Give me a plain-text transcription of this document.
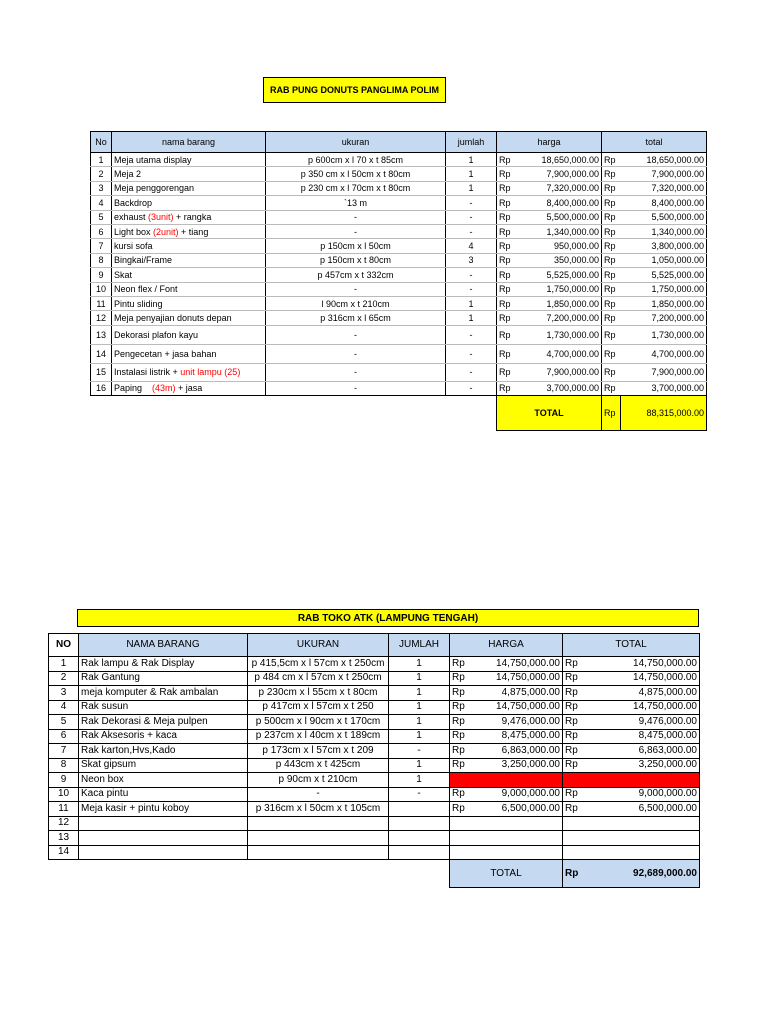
RAB PUNG DONUTS PANGLIMA POLIM
No	nama barang	ukuran	jumlah	harga		total	
1	Meja utama display	p 600cm x l 70 x t 85cm	1	Rp	18,650,000.00	Rp	18,650,000.00
2	Meja 2	p 350 cm x l 50cm x t 80cm	1	Rp	7,900,000.00	Rp	7,900,000.00
3	Meja penggorengan	p 230 cm x l 70cm x t 80cm	1	Rp	7,320,000.00	Rp	7,320,000.00
4	Backdrop	`13 m	-	Rp	8,400,000.00	Rp	8,400,000.00
5	exhaust (3unit) + rangka	-	-	Rp	5,500,000.00	Rp	5,500,000.00
6	Light box (2unit) + tiang	-	-	Rp	1,340,000.00	Rp	1,340,000.00
7	kursi sofa	p 150cm x l 50cm	4	Rp	950,000.00	Rp	3,800,000.00
8	Bingkai/Frame	p 150cm x t 80cm	3	Rp	350,000.00	Rp	1,050,000.00
9	Skat	p 457cm x t 332cm	-	Rp	5,525,000.00	Rp	5,525,000.00
10	Neon flex / Font	-	-	Rp	1,750,000.00	Rp	1,750,000.00
11	Pintu sliding	l 90cm x t 210cm	1	Rp	1,850,000.00	Rp	1,850,000.00
12	Meja penyajian donuts depan	p 316cm x l 65cm	1	Rp	7,200,000.00	Rp	7,200,000.00
13	Dekorasi plafon kayu	-	-	Rp	1,730,000.00	Rp	1,730,000.00
14	Pengecetan + jasa bahan	-	-	Rp	4,700,000.00	Rp	4,700,000.00
15	Instalasi listrik + unit lampu (25)	-	-	Rp	7,900,000.00	Rp	7,900,000.00
16	Paping    (43m) + jasa	-	-	Rp	3,700,000.00	Rp	3,700,000.00
				TOTAL		Rp	88,315,000.00
RAB TOKO ATK (LAMPUNG TENGAH)
NO	NAMA BARANG	UKURAN	JUMLAH	HARGA		TOTAL	
1	Rak lampu & Rak Display	p 415,5cm x l 57cm x t 250cm	1	Rp	14,750,000.00	Rp	14,750,000.00
2	Rak Gantung	p 484 cm x l 57cm x t 250cm	1	Rp	14,750,000.00	Rp	14,750,000.00
3	meja komputer & Rak ambalan	p 230cm x l 55cm x t 80cm	1	Rp	4,875,000.00	Rp	4,875,000.00
4	Rak susun	p 417cm x l 57cm x t 250	1	Rp	14,750,000.00	Rp	14,750,000.00
5	Rak Dekorasi & Meja pulpen	p 500cm x l 90cm x t 170cm	1	Rp	9,476,000.00	Rp	9,476,000.00
6	Rak Aksesoris + kaca	p 237cm x l 40cm x t 189cm	1	Rp	8,475,000.00	Rp	8,475,000.00
7	Rak karton,Hvs,Kado	p 173cm x l 57cm x t 209	-	Rp	6,863,000.00	Rp	6,863,000.00
8	Skat gipsum	p 443cm x t 425cm	1	Rp	3,250,000.00	Rp	3,250,000.00
9	Neon box	p 90cm x t 210cm	1				
10	Kaca pintu	-	-	Rp	9,000,000.00	Rp	9,000,000.00
11	Meja kasir + pintu koboy	p 316cm x l 50cm x t 105cm		Rp	6,500,000.00	Rp	6,500,000.00
12							
13							
14							
				TOTAL		Rp	92,689,000.00
